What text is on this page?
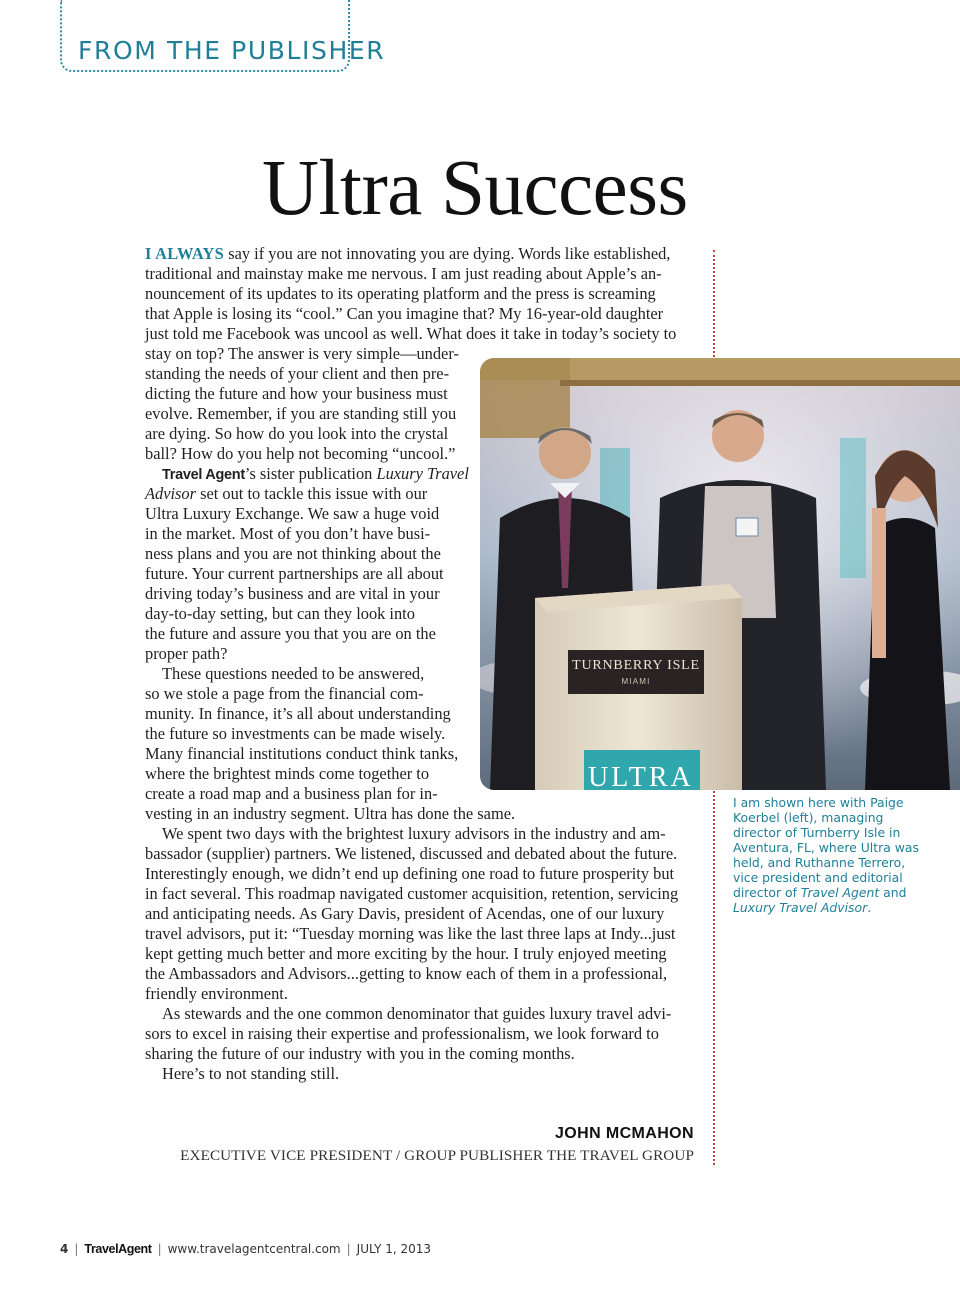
FROM THE PUBLISHER
Ultra Success
I ALWAYS say if you are not innovating you are dying. Words like established,
traditional and mainstay make me nervous. I am just reading about Apple’s an-
nouncement of its updates to its operating platform and the press is screaming
that Apple is losing its “cool.” Can you imagine that? My 16-year-old daughter
just told me Facebook was uncool as well. What does it take in today’s society to
stay on top? The answer is very simple—under-
standing the needs of your client and then pre-
dicting the future and how your business must
evolve. Remember, if you are standing still you
are dying. So how do you look into the crystal
ball? How do you help not becoming “uncool.”
Travel Agent’s sister publication Luxury Travel
Advisor set out to tackle this issue with our
Ultra Luxury Exchange. We saw a huge void
in the market. Most of you don’t have busi-
ness plans and you are not thinking about the
future. Your current partnerships are all about
driving today’s business and are vital in your
day-to-day setting, but can they look into
the future and assure you that you are on the
proper path?
These questions needed to be answered,
so we stole a page from the financial com-
munity. In finance, it’s all about understanding
the future so investments can be made wisely.
Many financial institutions conduct think tanks,
where the brightest minds come together to
create a road map and a business plan for in-
vesting in an industry segment. Ultra has done the same.
We spent two days with the brightest luxury advisors in the industry and am-
bassador (supplier) partners. We listened, discussed and debated about the future.
Interestingly enough, we didn’t end up defining one road to future prosperity but
in fact several. This roadmap navigated customer acquisition, retention, servicing
and anticipating needs. As Gary Davis, president of Acendas, one of our luxury
travel advisors, put it: “Tuesday morning was like the last three laps at Indy...just
kept getting much better and more exciting by the hour. I truly enjoyed meeting
the Ambassadors and Advisors...getting to know each of them in a professional,
friendly environment.
As stewards and the one common denominator that guides luxury travel advi-
sors to excel in raising their expertise and professionalism, we look forward to
sharing the future of our industry with you in the coming months.
Here’s to not standing still.
TURNBERRY ISLE
MIAMI
ULTRA
I am shown here with Paige
Koerbel (left), managing
director of Turnberry Isle in
Aventura, FL, where Ultra was
held, and Ruthanne Terrero,
vice president and editorial
director of Travel Agent and
Luxury Travel Advisor.
JOHN MCMAHON
EXECUTIVE VICE PRESIDENT / GROUP PUBLISHER THE TRAVEL GROUP
4 | TravelAgent | www.travelagentcentral.com | JULY 1, 2013
